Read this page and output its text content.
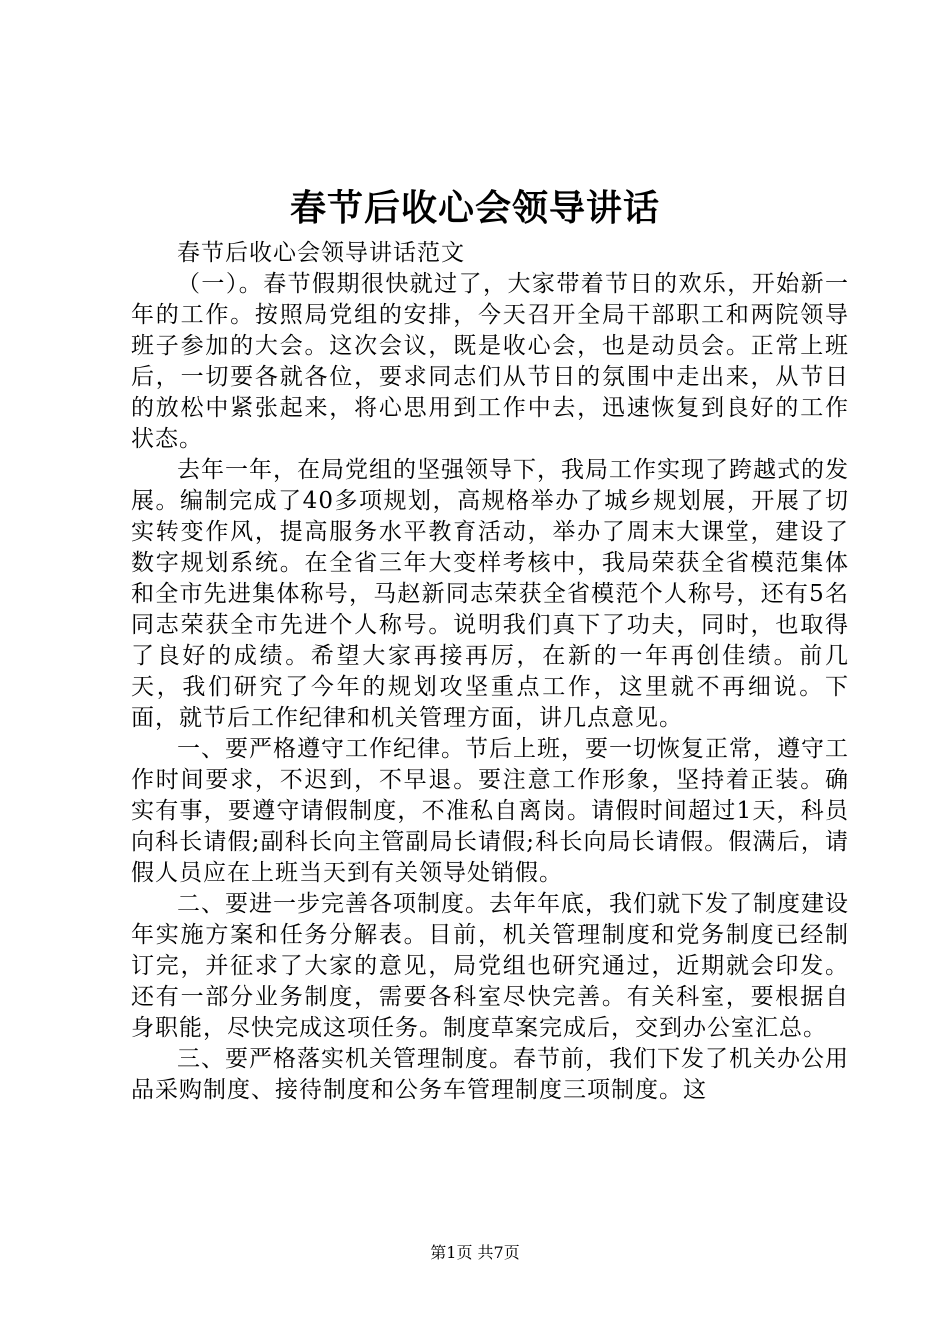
春节后收心会领导讲话

春节后收心会领导讲话范文

（一）。春节假期很快就过了，大家带着节日的欢乐，开始新一年的工作。按照局党组的安排，今天召开全局干部职工和两院领导班子参加的大会。这次会议，既是收心会，也是动员会。正常上班后，一切要各就各位，要求同志们从节日的氛围中走出来，从节日的放松中紧张起来，将心思用到工作中去，迅速恢复到良好的工作状态。

去年一年，在局党组的坚强领导下，我局工作实现了跨越式的发展。编制完成了40多项规划，高规格举办了城乡规划展，开展了切实转变作风，提高服务水平教育活动，举办了周末大课堂，建设了数字规划系统。在全省三年大变样考核中，我局荣获全省模范集体和全市先进集体称号，马赵新同志荣获全省模范个人称号，还有5名同志荣获全市先进个人称号。说明我们真下了功夫，同时，也取得了良好的成绩。希望大家再接再厉，在新的一年再创佳绩。前几天，我们研究了今年的规划攻坚重点工作，这里就不再细说。下面，就节后工作纪律和机关管理方面，讲几点意见。

一、要严格遵守工作纪律。节后上班，要一切恢复正常，遵守工作时间要求，不迟到，不早退。要注意工作形象，坚持着正装。确实有事，要遵守请假制度，不准私自离岗。请假时间超过1天，科员向科长请假;副科长向主管副局长请假;科长向局长请假。假满后，请假人员应在上班当天到有关领导处销假。

二、要进一步完善各项制度。去年年底，我们就下发了制度建设年实施方案和任务分解表。目前，机关管理制度和党务制度已经制订完，并征求了大家的意见，局党组也研究通过，近期就会印发。还有一部分业务制度，需要各科室尽快完善。有关科室，要根据自身职能，尽快完成这项任务。制度草案完成后，交到办公室汇总。

三、要严格落实机关管理制度。春节前，我们下发了机关办公用品采购制度、接待制度和公务车管理制度三项制度。这

第1页 共7页
